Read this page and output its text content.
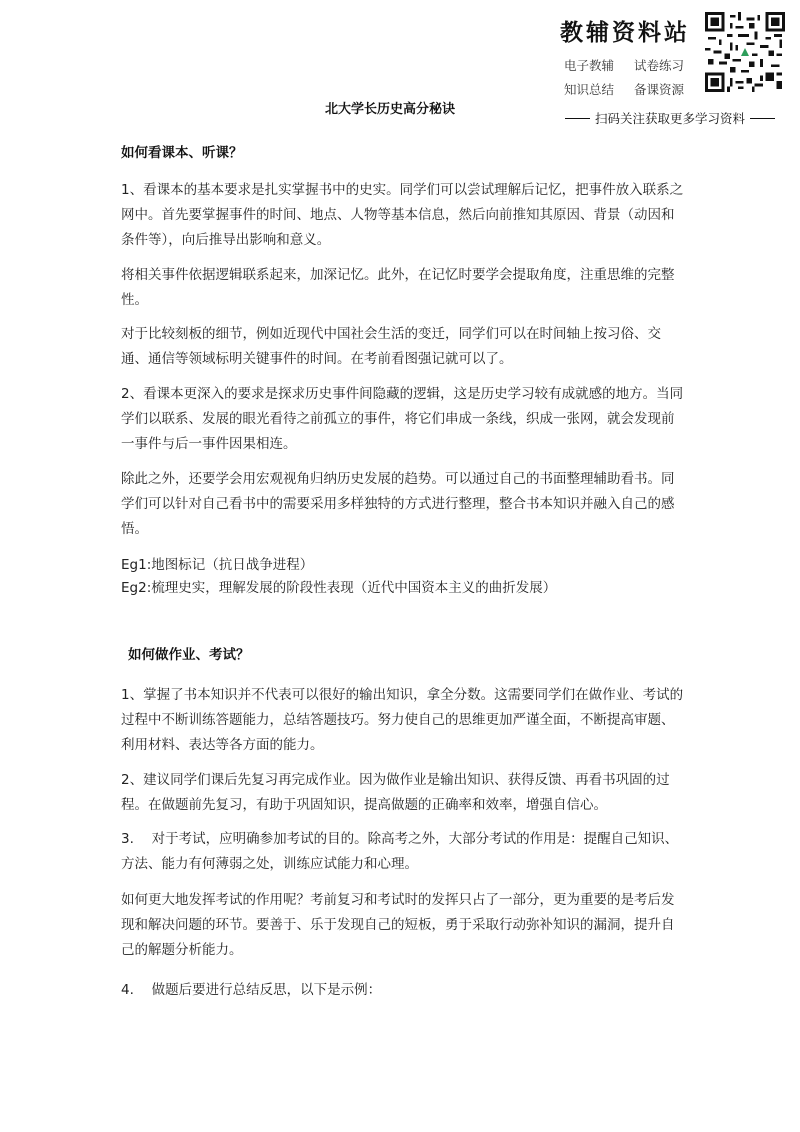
教辅资料站
电子教辅	试卷练习
知识总结	备课资源
扫码关注获取更多学习资料
北大学长历史高分秘诀
如何看课本、听课？

1、看课本的基本要求是扎实掌握书中的史实。同学们可以尝试理解后记忆，把事件放入联系之网中。首先要掌握事件的时间、地点、人物等基本信息，然后向前推知其原因、背景（动因和条件等），向后推导出影响和意义。

将相关事件依据逻辑联系起来，加深记忆。此外，在记忆时要学会提取角度，注重思维的完整性。

对于比较刻板的细节，例如近现代中国社会生活的变迁，同学们可以在时间轴上按习俗、交通、通信等领域标明关键事件的时间。在考前看图强记就可以了。

2、看课本更深入的要求是探求历史事件间隐藏的逻辑，这是历史学习较有成就感的地方。当同学们以联系、发展的眼光看待之前孤立的事件，将它们串成一条线，织成一张网，就会发现前一事件与后一事件因果相连。

除此之外，还要学会用宏观视角归纳历史发展的趋势。可以通过自己的书面整理辅助看书。同学们可以针对自己看书中的需要采用多样独特的方式进行整理，整合书本知识并融入自己的感悟。

Eg1:地图标记（抗日战争进程）
Eg2:梳理史实，理解发展的阶段性表现（近代中国资本主义的曲折发展）
如何做作业、考试？

1、掌握了书本知识并不代表可以很好的输出知识，拿全分数。这需要同学们在做作业、考试的过程中不断训练答题能力，总结答题技巧。努力使自己的思维更加严谨全面，不断提高审题、利用材料、表达等各方面的能力。

2、建议同学们课后先复习再完成作业。因为做作业是输出知识、获得反馈、再看书巩固的过程。在做题前先复习，有助于巩固知识，提高做题的正确率和效率，增强自信心。

3.　 对于考试，应明确参加考试的目的。除高考之外，大部分考试的作用是：提醒自己知识、方法、能力有何薄弱之处，训练应试能力和心理。

如何更大地发挥考试的作用呢？考前复习和考试时的发挥只占了一部分，更为重要的是考后发现和解决问题的环节。要善于、乐于发现自己的短板，勇于采取行动弥补知识的漏洞，提升自己的解题分析能力。

4.　 做题后要进行总结反思，以下是示例：
